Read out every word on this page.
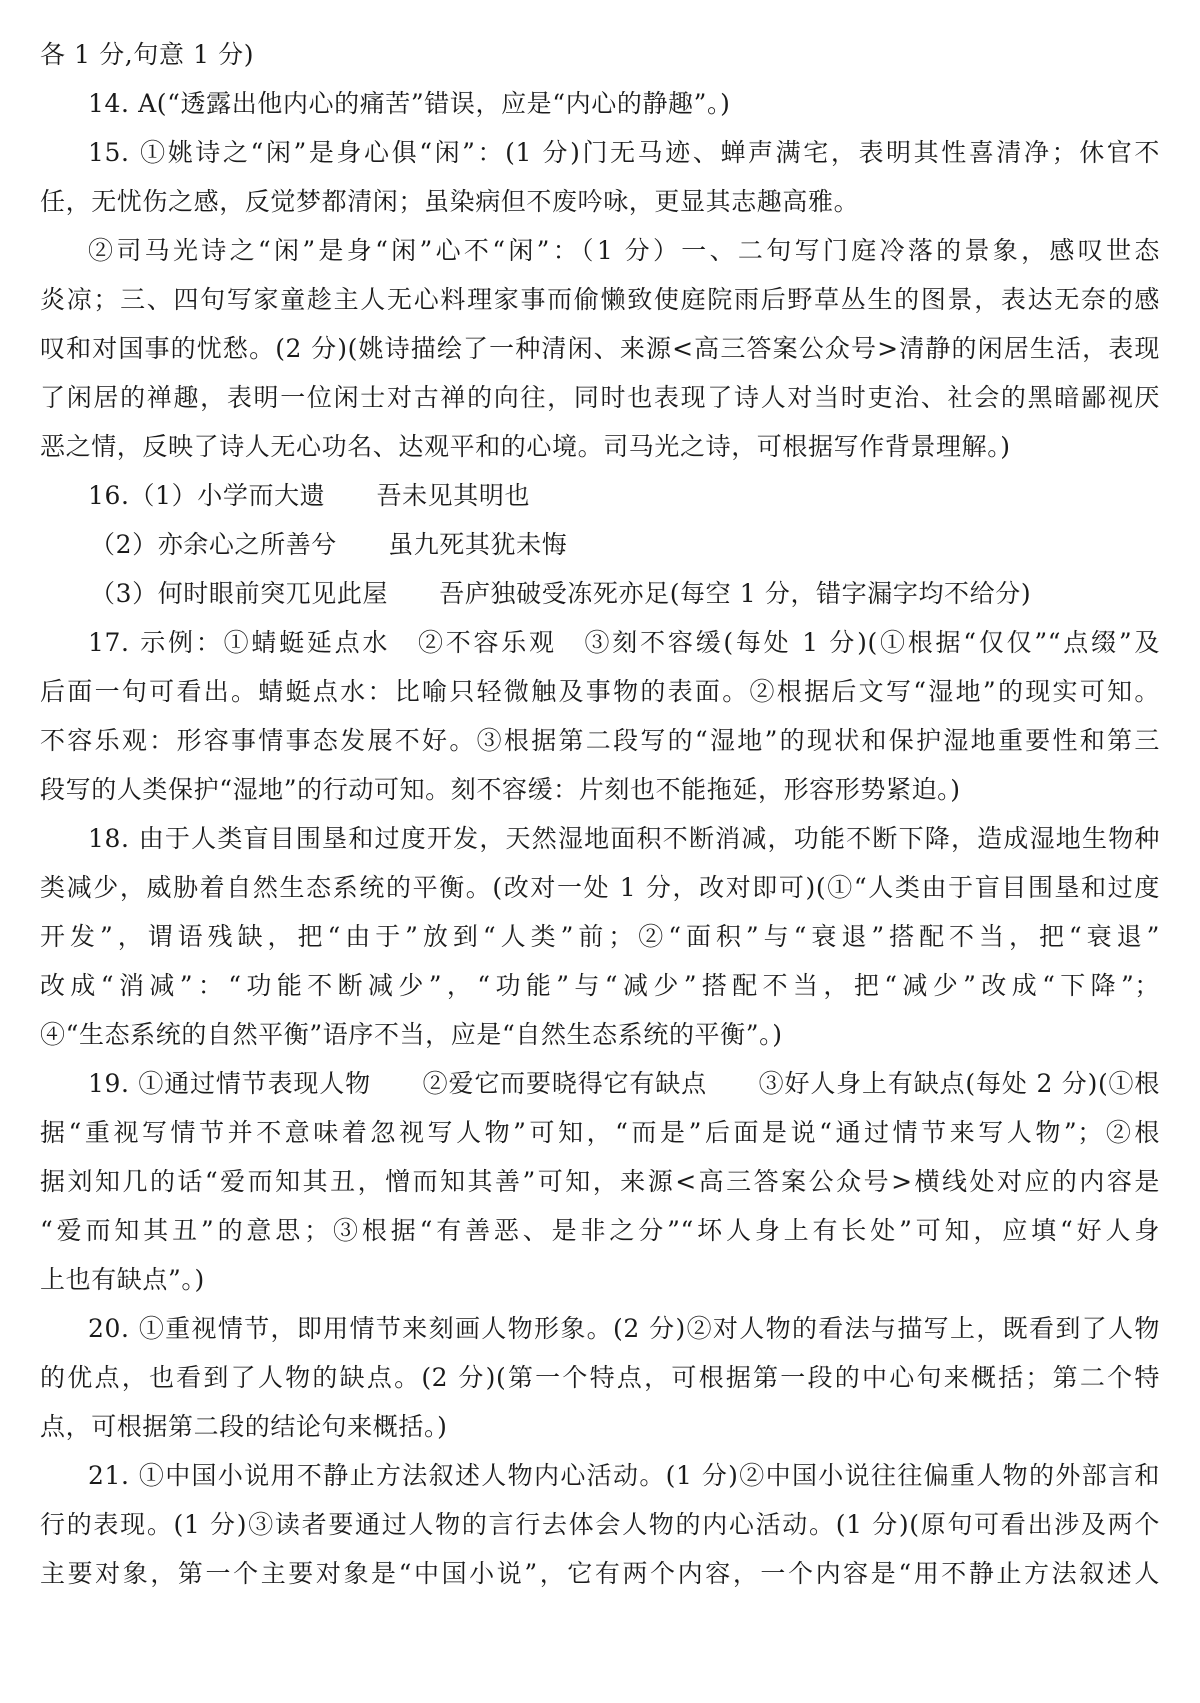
各 1 分,句意 1 分)
14. A(“透露出他内心的痛苦”错误，应是“内心的静趣”。)
15. ①姚诗之“闲”是身心俱“闲”：(1 分)门无马迹、蝉声满宅，表明其性喜清净；休官不
任，无忧伤之感，反觉梦都清闲；虽染病但不废吟咏，更显其志趣高雅。
②司马光诗之“闲”是身“闲”心不“闲”：（1 分）一、二句写门庭冷落的景象，感叹世态
炎凉；三、四句写家童趁主人无心料理家事而偷懒致使庭院雨后野草丛生的图景，表达无奈的感
叹和对国事的忧愁。(2 分)(姚诗描绘了一种清闲、来源<高三答案公众号>清静的闲居生活，表现
了闲居的禅趣，表明一位闲士对古禅的向往，同时也表现了诗人对当时吏治、社会的黑暗鄙视厌
恶之情，反映了诗人无心功名、达观平和的心境。司马光之诗，可根据写作背景理解。)
16.（1）小学而大遗　　吾未见其明也
（2）亦余心之所善兮　　虽九死其犹未悔
（3）何时眼前突兀见此屋　　吾庐独破受冻死亦足(每空 1 分，错字漏字均不给分)
17. 示例：①蜻蜓延点水　②不容乐观　③刻不容缓(每处 1 分)(①根据“仅仅”“点缀”及
后面一句可看出。蜻蜓点水：比喻只轻微触及事物的表面。②根据后文写“湿地”的现实可知。
不容乐观：形容事情事态发展不好。③根据第二段写的“湿地”的现状和保护湿地重要性和第三
段写的人类保护“湿地”的行动可知。刻不容缓：片刻也不能拖延，形容形势紧迫。)
18. 由于人类盲目围垦和过度开发，天然湿地面积不断消减，功能不断下降，造成湿地生物种
类减少，威胁着自然生态系统的平衡。(改对一处 1 分，改对即可)(①“人类由于盲目围垦和过度
开发”，谓语残缺，把“由于”放到“人类”前；②“面积”与“衰退”搭配不当，把“衰退”
改成“消减”：“功能不断减少”，“功能”与“减少”搭配不当，把“减少”改成“下降”；
④“生态系统的自然平衡”语序不当，应是“自然生态系统的平衡”。)
19. ①通过情节表现人物　　②爱它而要晓得它有缺点　　③好人身上有缺点(每处 2 分)(①根
据“重视写情节并不意味着忽视写人物”可知，“而是”后面是说“通过情节来写人物”；②根
据刘知几的话“爱而知其丑，憎而知其善”可知，来源<高三答案公众号>横线处对应的内容是
“爱而知其丑”的意思；③根据“有善恶、是非之分”“坏人身上有长处”可知，应填“好人身
上也有缺点”。)
20. ①重视情节，即用情节来刻画人物形象。(2 分)②对人物的看法与描写上，既看到了人物
的优点，也看到了人物的缺点。(2 分)(第一个特点，可根据第一段的中心句来概括；第二个特
点，可根据第二段的结论句来概括。)
21. ①中国小说用不静止方法叙述人物内心活动。(1 分)②中国小说往往偏重人物的外部言和
行的表现。(1 分)③读者要通过人物的言行去体会人物的内心活动。(1 分)(原句可看出涉及两个
主要对象，第一个主要对象是“中国小说”，它有两个内容，一个内容是“用不静止方法叙述人
